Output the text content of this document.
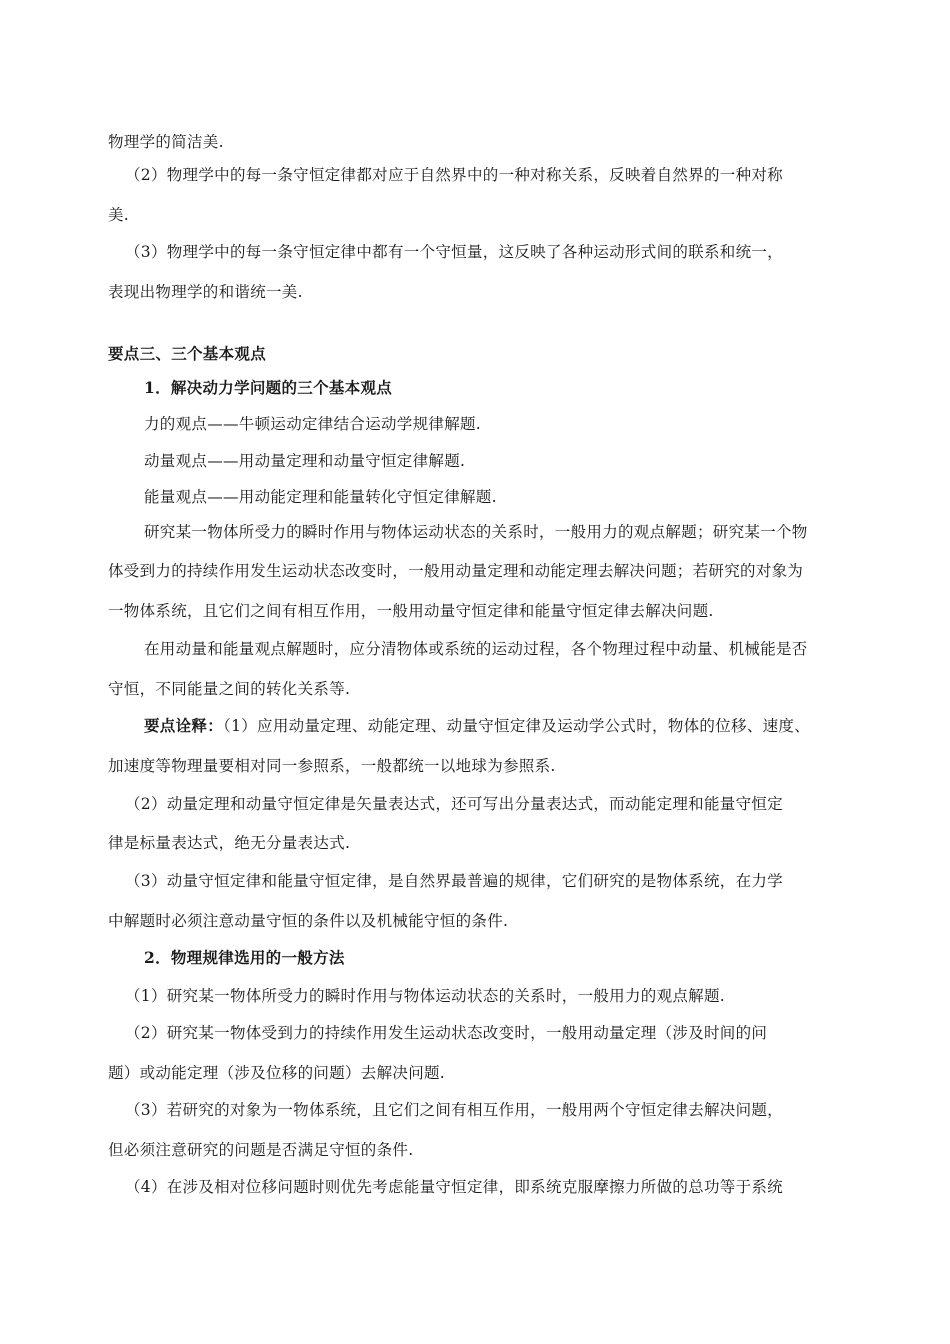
物理学的简洁美.
（2）物理学中的每一条守恒定律都对应于自然界中的一种对称关系，反映着自然界的一种对称
美.
（3）物理学中的每一条守恒定律中都有一个守恒量，这反映了各种运动形式间的联系和统一，
表现出物理学的和谐统一美.
要点三、三个基本观点
1．解决动力学问题的三个基本观点
力的观点——牛顿运动定律结合运动学规律解题.
动量观点——用动量定理和动量守恒定律解题.
能量观点——用动能定理和能量转化守恒定律解题.
研究某一物体所受力的瞬时作用与物体运动状态的关系时，一般用力的观点解题；研究某一个物
体受到力的持续作用发生运动状态改变时，一般用动量定理和动能定理去解决问题；若研究的对象为
一物体系统，且它们之间有相互作用，一般用动量守恒定律和能量守恒定律去解决问题.
在用动量和能量观点解题时，应分清物体或系统的运动过程，各个物理过程中动量、机械能是否
守恒，不同能量之间的转化关系等.
要点诠释：（1）应用动量定理、动能定理、动量守恒定律及运动学公式时，物体的位移、速度、
加速度等物理量要相对同一参照系，一般都统一以地球为参照系.
（2）动量定理和动量守恒定律是矢量表达式，还可写出分量表达式，而动能定理和能量守恒定
律是标量表达式，绝无分量表达式.
（3）动量守恒定律和能量守恒定律，是自然界最普遍的规律，它们研究的是物体系统，在力学
中解题时必须注意动量守恒的条件以及机械能守恒的条件.
2．物理规律选用的一般方法
（1）研究某一物体所受力的瞬时作用与物体运动状态的关系时，一般用力的观点解题.
（2）研究某一物体受到力的持续作用发生运动状态改变时，一般用动量定理（涉及时间的问
题）或动能定理（涉及位移的问题）去解决问题.
（3）若研究的对象为一物体系统，且它们之间有相互作用，一般用两个守恒定律去解决问题，
但必须注意研究的问题是否满足守恒的条件.
（4）在涉及相对位移问题时则优先考虑能量守恒定律，即系统克服摩擦力所做的总功等于系统
